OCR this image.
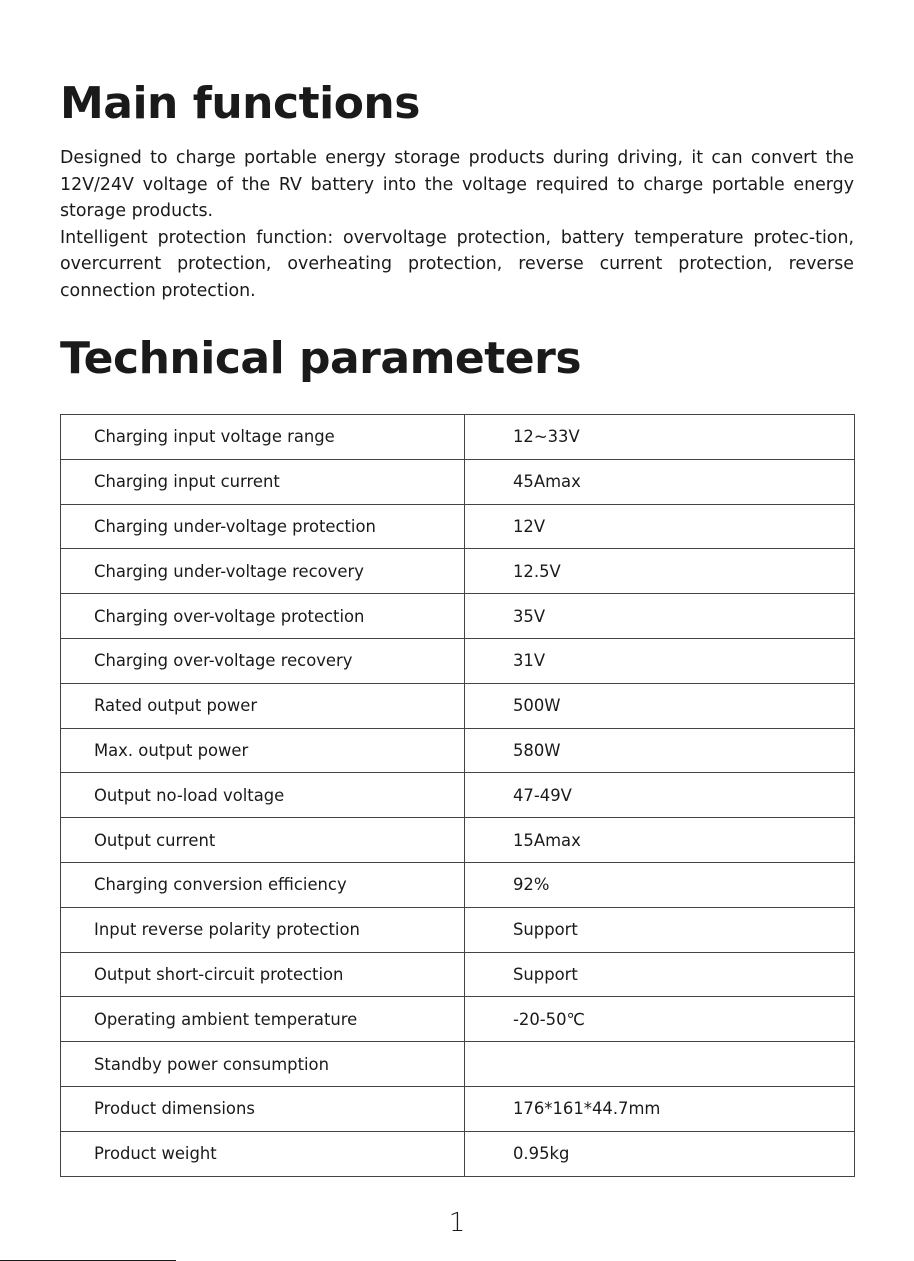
Main functions

Designed to charge portable energy storage products during driving, it can convert the 12V/24V voltage of the RV battery into the voltage required to charge portable energy storage products.

Intelligent protection function: overvoltage protection, battery temperature protec-tion, overcurrent protection, overheating protection, reverse current protection, reverse connection protection.

Technical parameters
Charging input voltage range	12~33V
Charging input current	45Amax
Charging under-voltage protection	12V
Charging under-voltage recovery	12.5V
Charging over-voltage protection	35V
Charging over-voltage recovery	31V
Rated output power	500W
Max. output power	580W
Output no-load voltage	47-49V
Output current	15Amax
Charging conversion efficiency	92%
Input reverse polarity protection	Support
Output short-circuit protection	Support
Operating ambient temperature	-20-50℃
Standby power consumption	
Product dimensions	176*161*44.7mm
Product weight	0.95kg
1
